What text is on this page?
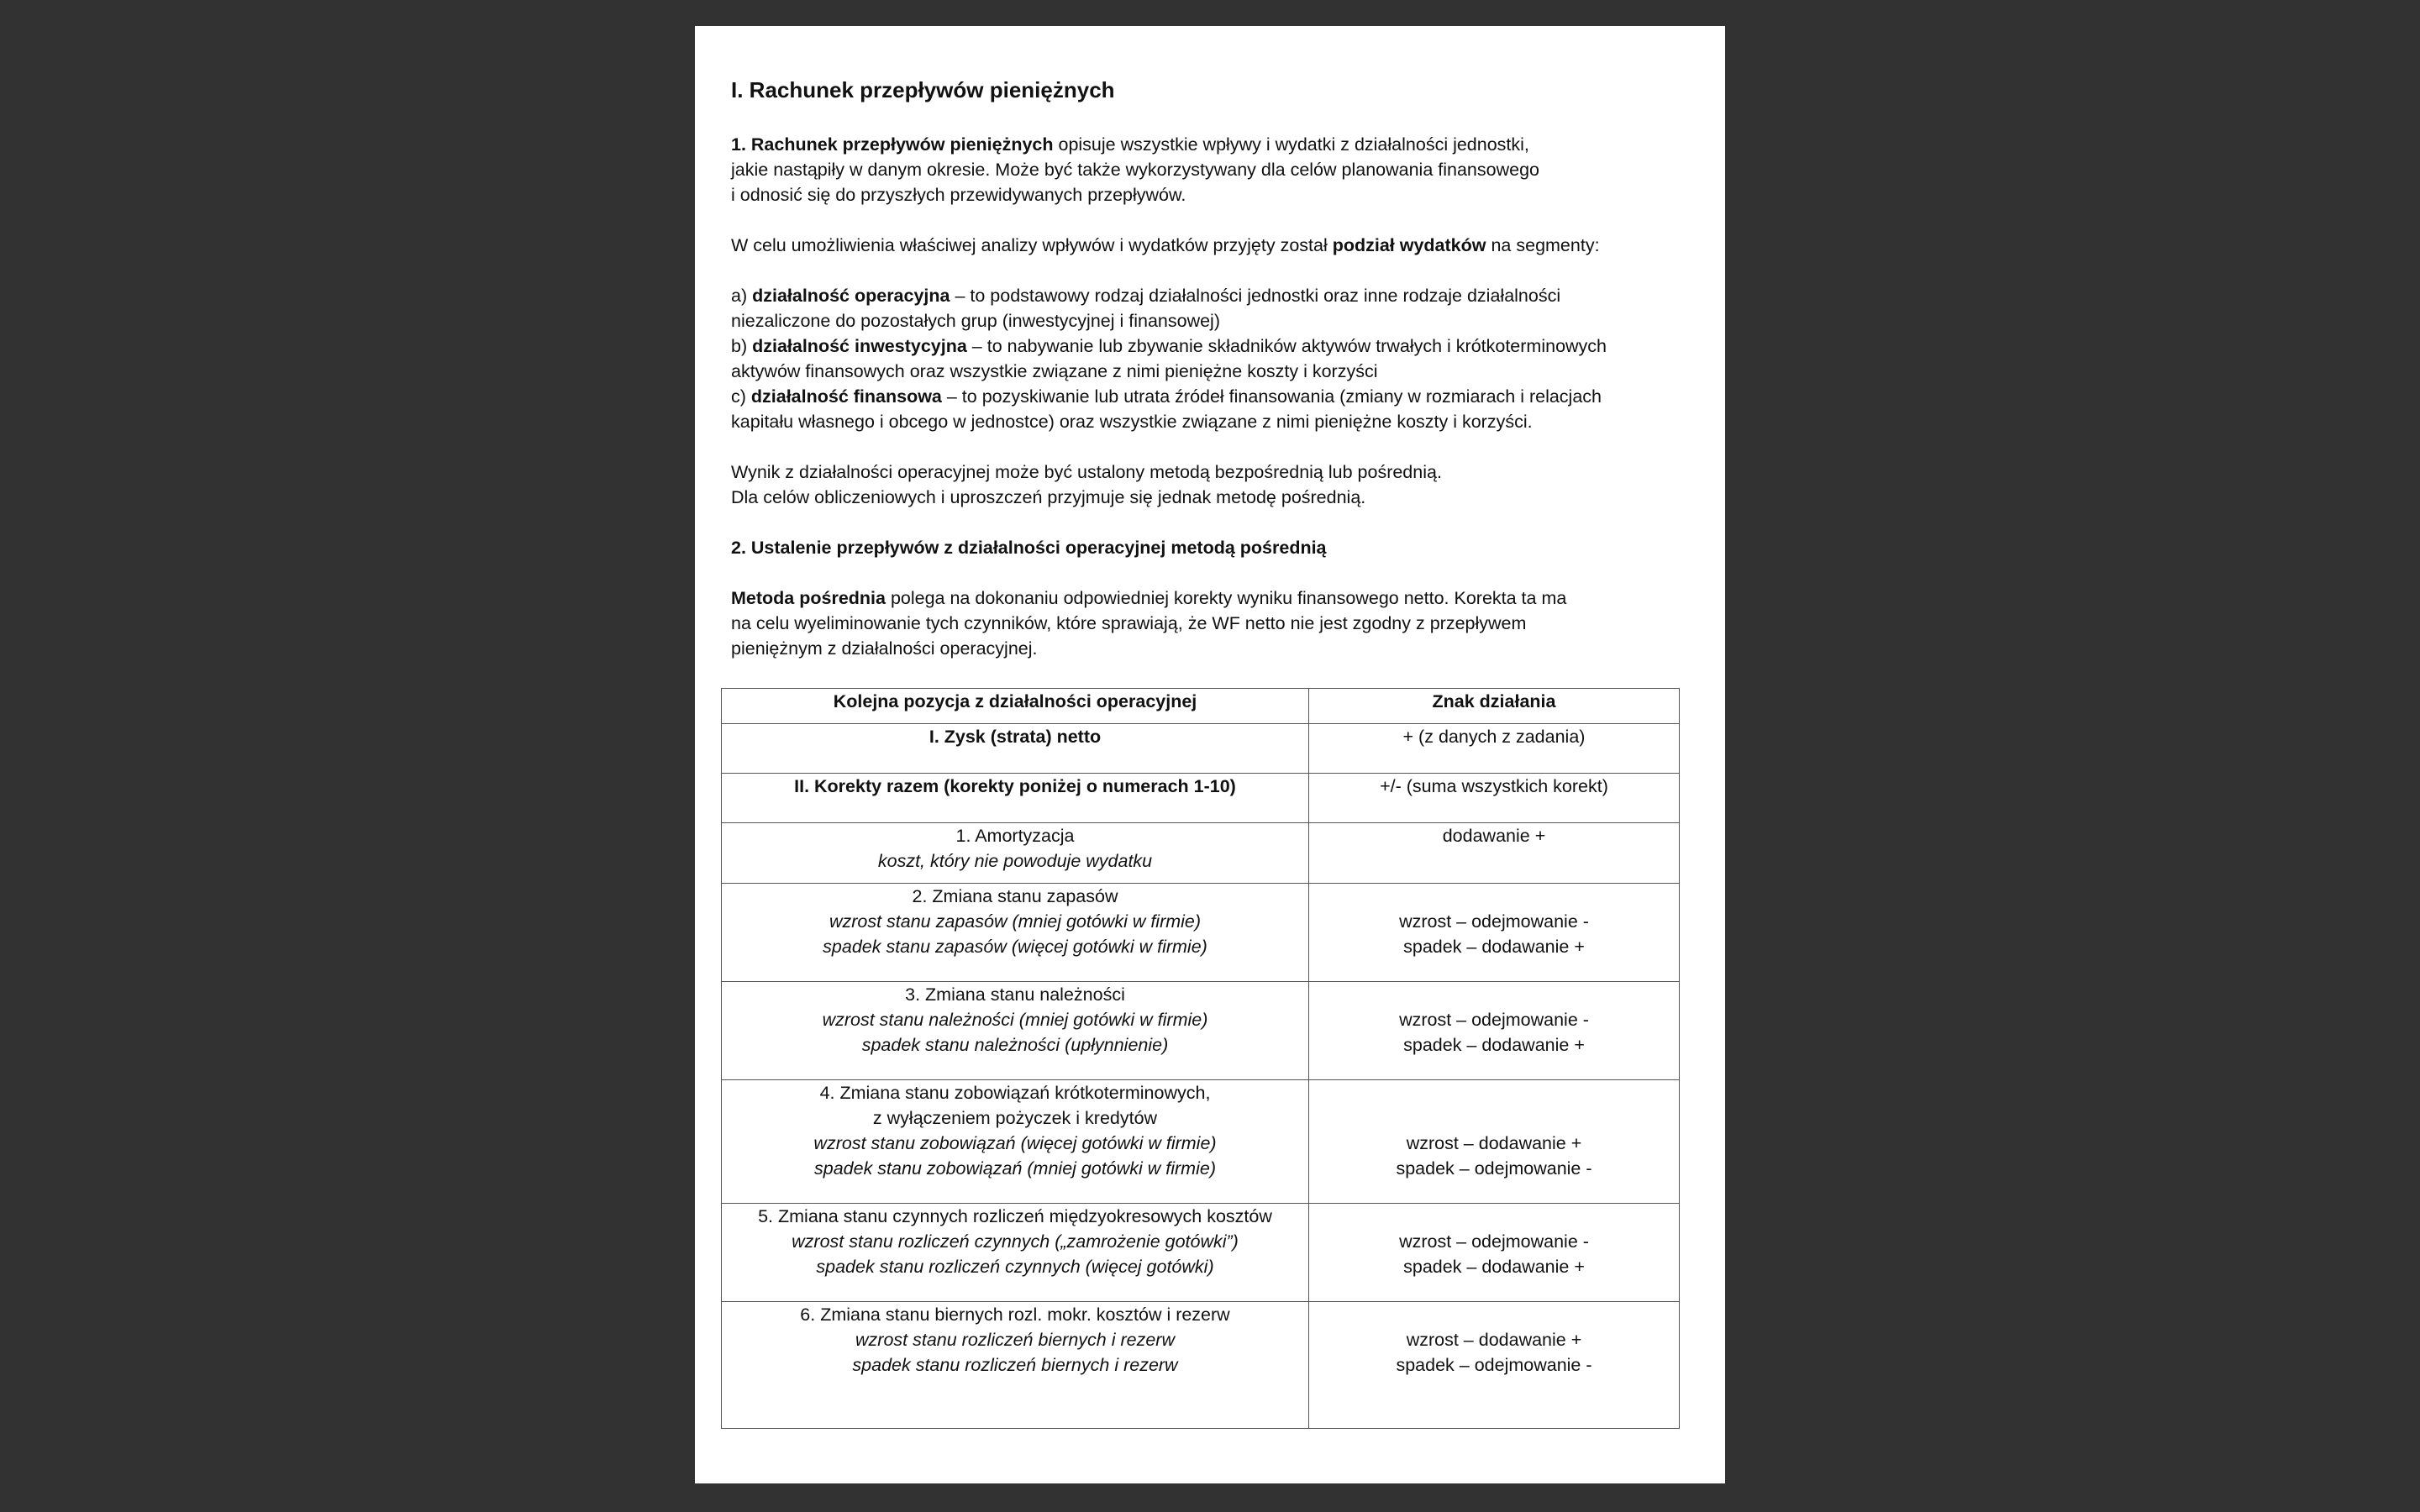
I. Rachunek przepływów pieniężnych
1. Rachunek przepływów pieniężnych opisuje wszystkie wpływy i wydatki z działalności jednostki,
jakie nastąpiły w danym okresie. Może być także wykorzystywany dla celów planowania finansowego
i odnosić się do przyszłych przewidywanych przepływów.
W celu umożliwienia właściwej analizy wpływów i wydatków przyjęty został podział wydatków na segmenty:
a) działalność operacyjna – to podstawowy rodzaj działalności jednostki oraz inne rodzaje działalności
niezaliczone do pozostałych grup (inwestycyjnej i finansowej)
b) działalność inwestycyjna – to nabywanie lub zbywanie składników aktywów trwałych i krótkoterminowych
aktywów finansowych oraz wszystkie związane z nimi pieniężne koszty i korzyści
c) działalność finansowa – to pozyskiwanie lub utrata źródeł finansowania (zmiany w rozmiarach i relacjach
kapitału własnego i obcego w jednostce) oraz wszystkie związane z nimi pieniężne koszty i korzyści.
Wynik z działalności operacyjnej może być ustalony metodą bezpośrednią lub pośrednią.
Dla celów obliczeniowych i uproszczeń przyjmuje się jednak metodę pośrednią.
2. Ustalenie przepływów z działalności operacyjnej metodą pośrednią
Metoda pośrednia polega na dokonaniu odpowiedniej korekty wyniku finansowego netto. Korekta ta ma
na celu wyeliminowanie tych czynników, które sprawiają, że WF netto nie jest zgodny z przepływem
pieniężnym z działalności operacyjnej.
Kolejna pozycja z działalności operacyjnej	Znak działania
I. Zysk (strata) netto	+ (z danych z zadania)
II. Korekty razem (korekty poniżej o numerach 1-10)	+/- (suma wszystkich korekt)

1. Amortyzacja
koszt, który nie powoduje wydatku	dodawanie +

2. Zmiana stanu zapasów
wzrost stanu zapasów (mniej gotówki w firmie)
spadek stanu zapasów (więcej gotówki w firmie)	wzrost – odejmowanie -
spadek – dodawanie +

3. Zmiana stanu należności
wzrost stanu należności (mniej gotówki w firmie)
spadek stanu należności (upłynnienie)	wzrost – odejmowanie -
spadek – dodawanie +

4. Zmiana stanu zobowiązań krótkoterminowych,
z wyłączeniem pożyczek i kredytów
wzrost stanu zobowiązań (więcej gotówki w firmie)
spadek stanu zobowiązań (mniej gotówki w firmie)	wzrost – dodawanie +
spadek – odejmowanie -

5. Zmiana stanu czynnych rozliczeń międzyokresowych kosztów
wzrost stanu rozliczeń czynnych („zamrożenie gotówki”)
spadek stanu rozliczeń czynnych (więcej gotówki)	wzrost – odejmowanie -
spadek – dodawanie +

6. Zmiana stanu biernych rozl. mokr. kosztów i rezerw
wzrost stanu rozliczeń biernych i rezerw
spadek stanu rozliczeń biernych i rezerw	wzrost – dodawanie +
spadek – odejmowanie -
